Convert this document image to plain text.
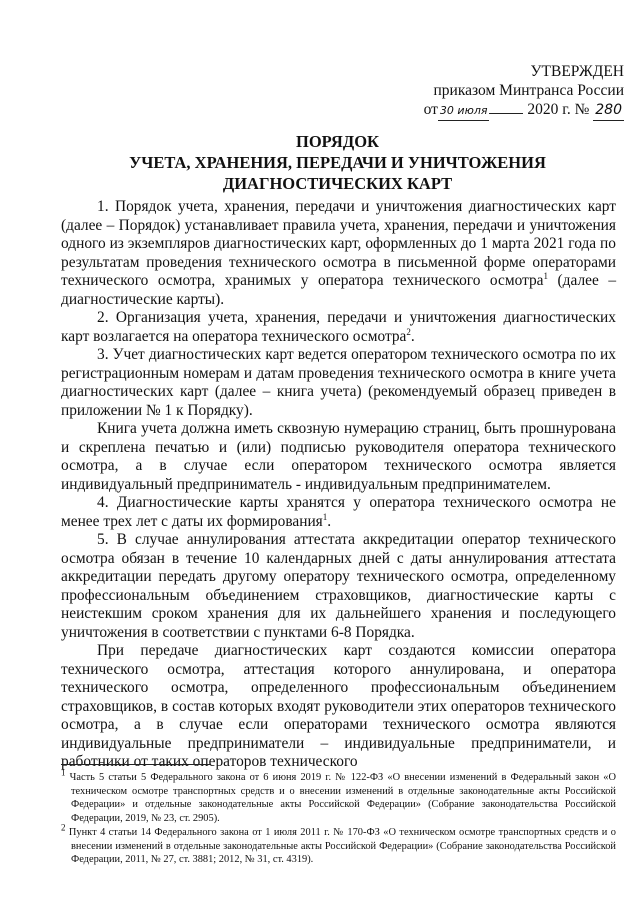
УТВЕРЖДЕН
приказом Минтранса России
от 30 июля	2020 г. № 280
ПОРЯДОК
УЧЕТА, ХРАНЕНИЯ, ПЕРЕДАЧИ И УНИЧТОЖЕНИЯ
ДИАГНОСТИЧЕСКИХ КАРТ

1. Порядок учета, хранения, передачи и уничтожения диагностических карт (далее – Порядок) устанавливает правила учета, хранения, передачи и уничтожения одного из экземпляров диагностических карт, оформленных до 1 марта 2021 года по результатам проведения технического осмотра в письменной форме операторами технического осмотра, хранимых у оператора технического осмотра$^1$ (далее – диагностические карты).

2. Организация учета, хранения, передачи и уничтожения диагностических карт возлагается на оператора технического осмотра$^2$.

3. Учет диагностических карт ведется оператором технического осмотра по их регистрационным номерам и датам проведения технического осмотра в книге учета диагностических карт (далее – книга учета) (рекомендуемый образец приведен в приложении № 1 к Порядку).

Книга учета должна иметь сквозную нумерацию страниц, быть прошнурована и скреплена печатью и (или) подписью руководителя оператора технического осмотра, а в случае если оператором технического осмотра является индивидуальный предприниматель - индивидуальным предпринимателем.

4. Диагностические карты хранятся у оператора технического осмотра не менее трех лет с даты их формирования$^1$.

5. В случае аннулирования аттестата аккредитации оператор технического осмотра обязан в течение 10 календарных дней с даты аннулирования аттестата аккредитации передать другому оператору технического осмотра, определенному профессиональным объединением страховщиков, диагностические карты с неистекшим сроком хранения для их дальнейшего хранения и последующего уничтожения в соответствии с пунктами 6-8 Порядка.

При передаче диагностических карт создаются комиссии оператора технического осмотра, аттестация которого аннулирована, и оператора технического осмотра, определенного профессиональным объединением страховщиков, в состав которых входят руководители этих операторов технического осмотра, а в случае если операторами технического осмотра являются индивидуальные предприниматели – индивидуальные предприниматели, и работники от таких операторов технического

$^1$ Часть 5 статьи 5 Федерального закона от 6 июня 2019 г. № 122-ФЗ «О внесении изменений в Федеральный закон «О техническом осмотре транспортных средств и о внесении изменений в отдельные законодательные акты Российской Федерации» и отдельные законодательные акты Российской Федерации» (Собрание законодательства Российской Федерации, 2019, № 23, ст. 2905).
$^2$ Пункт 4 статьи 14 Федерального закона от 1 июля 2011 г. № 170-ФЗ «О техническом осмотре транспортных средств и о внесении изменений в отдельные законодательные акты Российской Федерации» (Собрание законодательства Российской Федерации, 2011, № 27, ст. 3881; 2012, № 31, ст. 4319).
